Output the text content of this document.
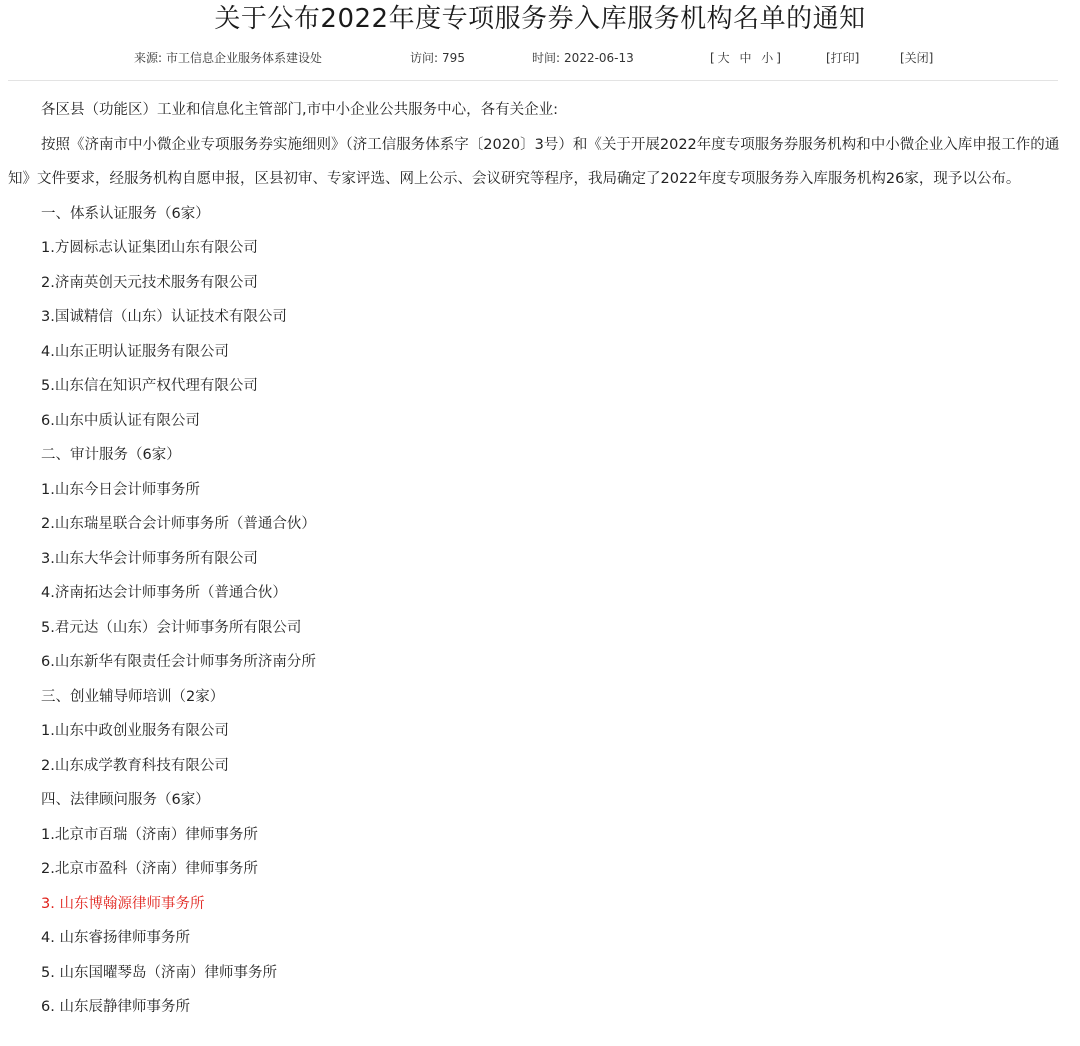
关于公布2022年度专项服务券入库服务机构名单的通知
来源: 市工信息企业服务体系建设处	访问: 795	时间: 2022-06-13	[大 中 小]	[打印]	[关闭]

各区县（功能区）工业和信息化主管部门,市中小企业公共服务中心，各有关企业:

按照《济南市中小微企业专项服务券实施细则》（济工信服务体系字〔2020〕3号）和《关于开展2022年度专项服务券服务机构和中小微企业入库申报工作的通知》文件要求，经服务机构自愿申报，区县初审、专家评选、网上公示、会议研究等程序，我局确定了2022年度专项服务券入库服务机构26家，现予以公布。

一、体系认证服务（6家）

1.方圆标志认证集团山东有限公司

2.济南英创天元技术服务有限公司

3.国诚精信（山东）认证技术有限公司

4.山东正明认证服务有限公司

5.山东信在知识产权代理有限公司

6.山东中质认证有限公司

二、审计服务（6家）

1.山东今日会计师事务所

2.山东瑞星联合会计师事务所（普通合伙）

3.山东大华会计师事务所有限公司

4.济南拓达会计师事务所（普通合伙）

5.君元达（山东）会计师事务所有限公司

6.山东新华有限责任会计师事务所济南分所

三、创业辅导师培训（2家）

1.山东中政创业服务有限公司

2.山东成学教育科技有限公司

四、法律顾问服务（6家）

1.北京市百瑞（济南）律师事务所

2.北京市盈科（济南）律师事务所

3. 山东博翰源律师事务所

4. 山东睿扬律师事务所

5. 山东国曜琴岛（济南）律师事务所

6. 山东辰静律师事务所
